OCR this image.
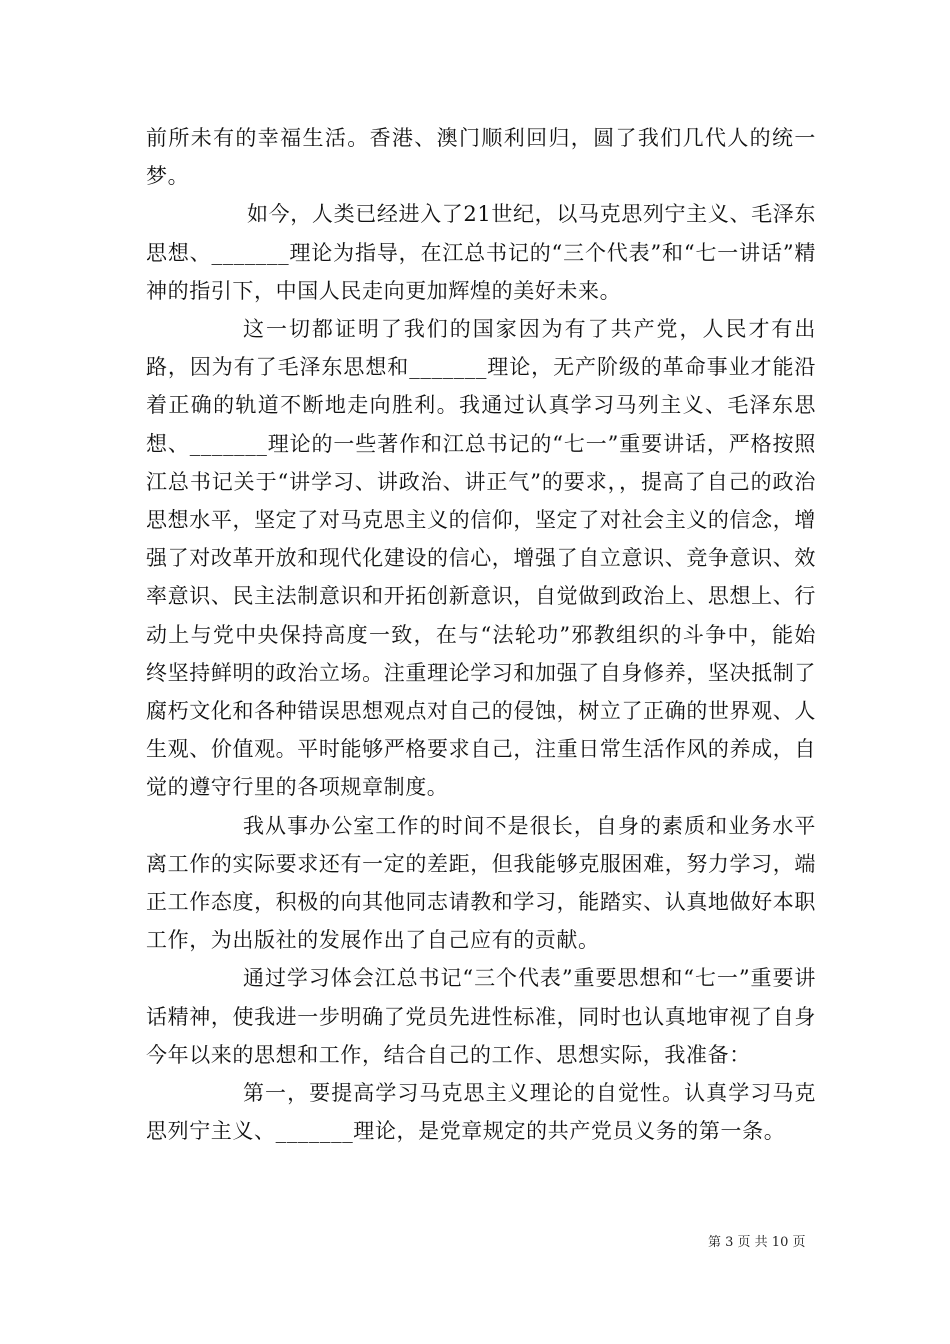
前所未有的幸福生活。香港、澳门顺利回归，圆了我们几代人的统一梦。

如今，人类已经进入了21世纪，以马克思列宁主义、毛泽东思想、_______理论为指导，在江总书记的“三个代表”和“七一讲话”精神的指引下，中国人民走向更加辉煌的美好未来。

这一切都证明了我们的国家因为有了共产党，人民才有出路，因为有了毛泽东思想和_______理论，无产阶级的革命事业才能沿着正确的轨道不断地走向胜利。我通过认真学习马列主义、毛泽东思想、_______理论的一些著作和江总书记的“七一”重要讲话，严格按照江总书记关于“讲学习、讲政治、讲正气”的要求，，提高了自己的政治思想水平，坚定了对马克思主义的信仰，坚定了对社会主义的信念，增强了对改革开放和现代化建设的信心，增强了自立意识、竞争意识、效率意识、民主法制意识和开拓创新意识，自觉做到政治上、思想上、行动上与党中央保持高度一致，在与“法轮功”邪教组织的斗争中，能始终坚持鲜明的政治立场。注重理论学习和加强了自身修养，坚决抵制了腐朽文化和各种错误思想观点对自己的侵蚀，树立了正确的世界观、人生观、价值观。平时能够严格要求自己，注重日常生活作风的养成，自觉的遵守行里的各项规章制度。

我从事办公室工作的时间不是很长，自身的素质和业务水平离工作的实际要求还有一定的差距，但我能够克服困难，努力学习，端正工作态度，积极的向其他同志请教和学习，能踏实、认真地做好本职工作，为出版社的发展作出了自己应有的贡献。

通过学习体会江总书记“三个代表”重要思想和“七一”重要讲话精神，使我进一步明确了党员先进性标准，同时也认真地审视了自身今年以来的思想和工作，结合自己的工作、思想实际，我准备：

第一，要提高学习马克思主义理论的自觉性。认真学习马克思列宁主义、_______理论，是党章规定的共产党员义务的第一条。

第 3 页 共 10 页
